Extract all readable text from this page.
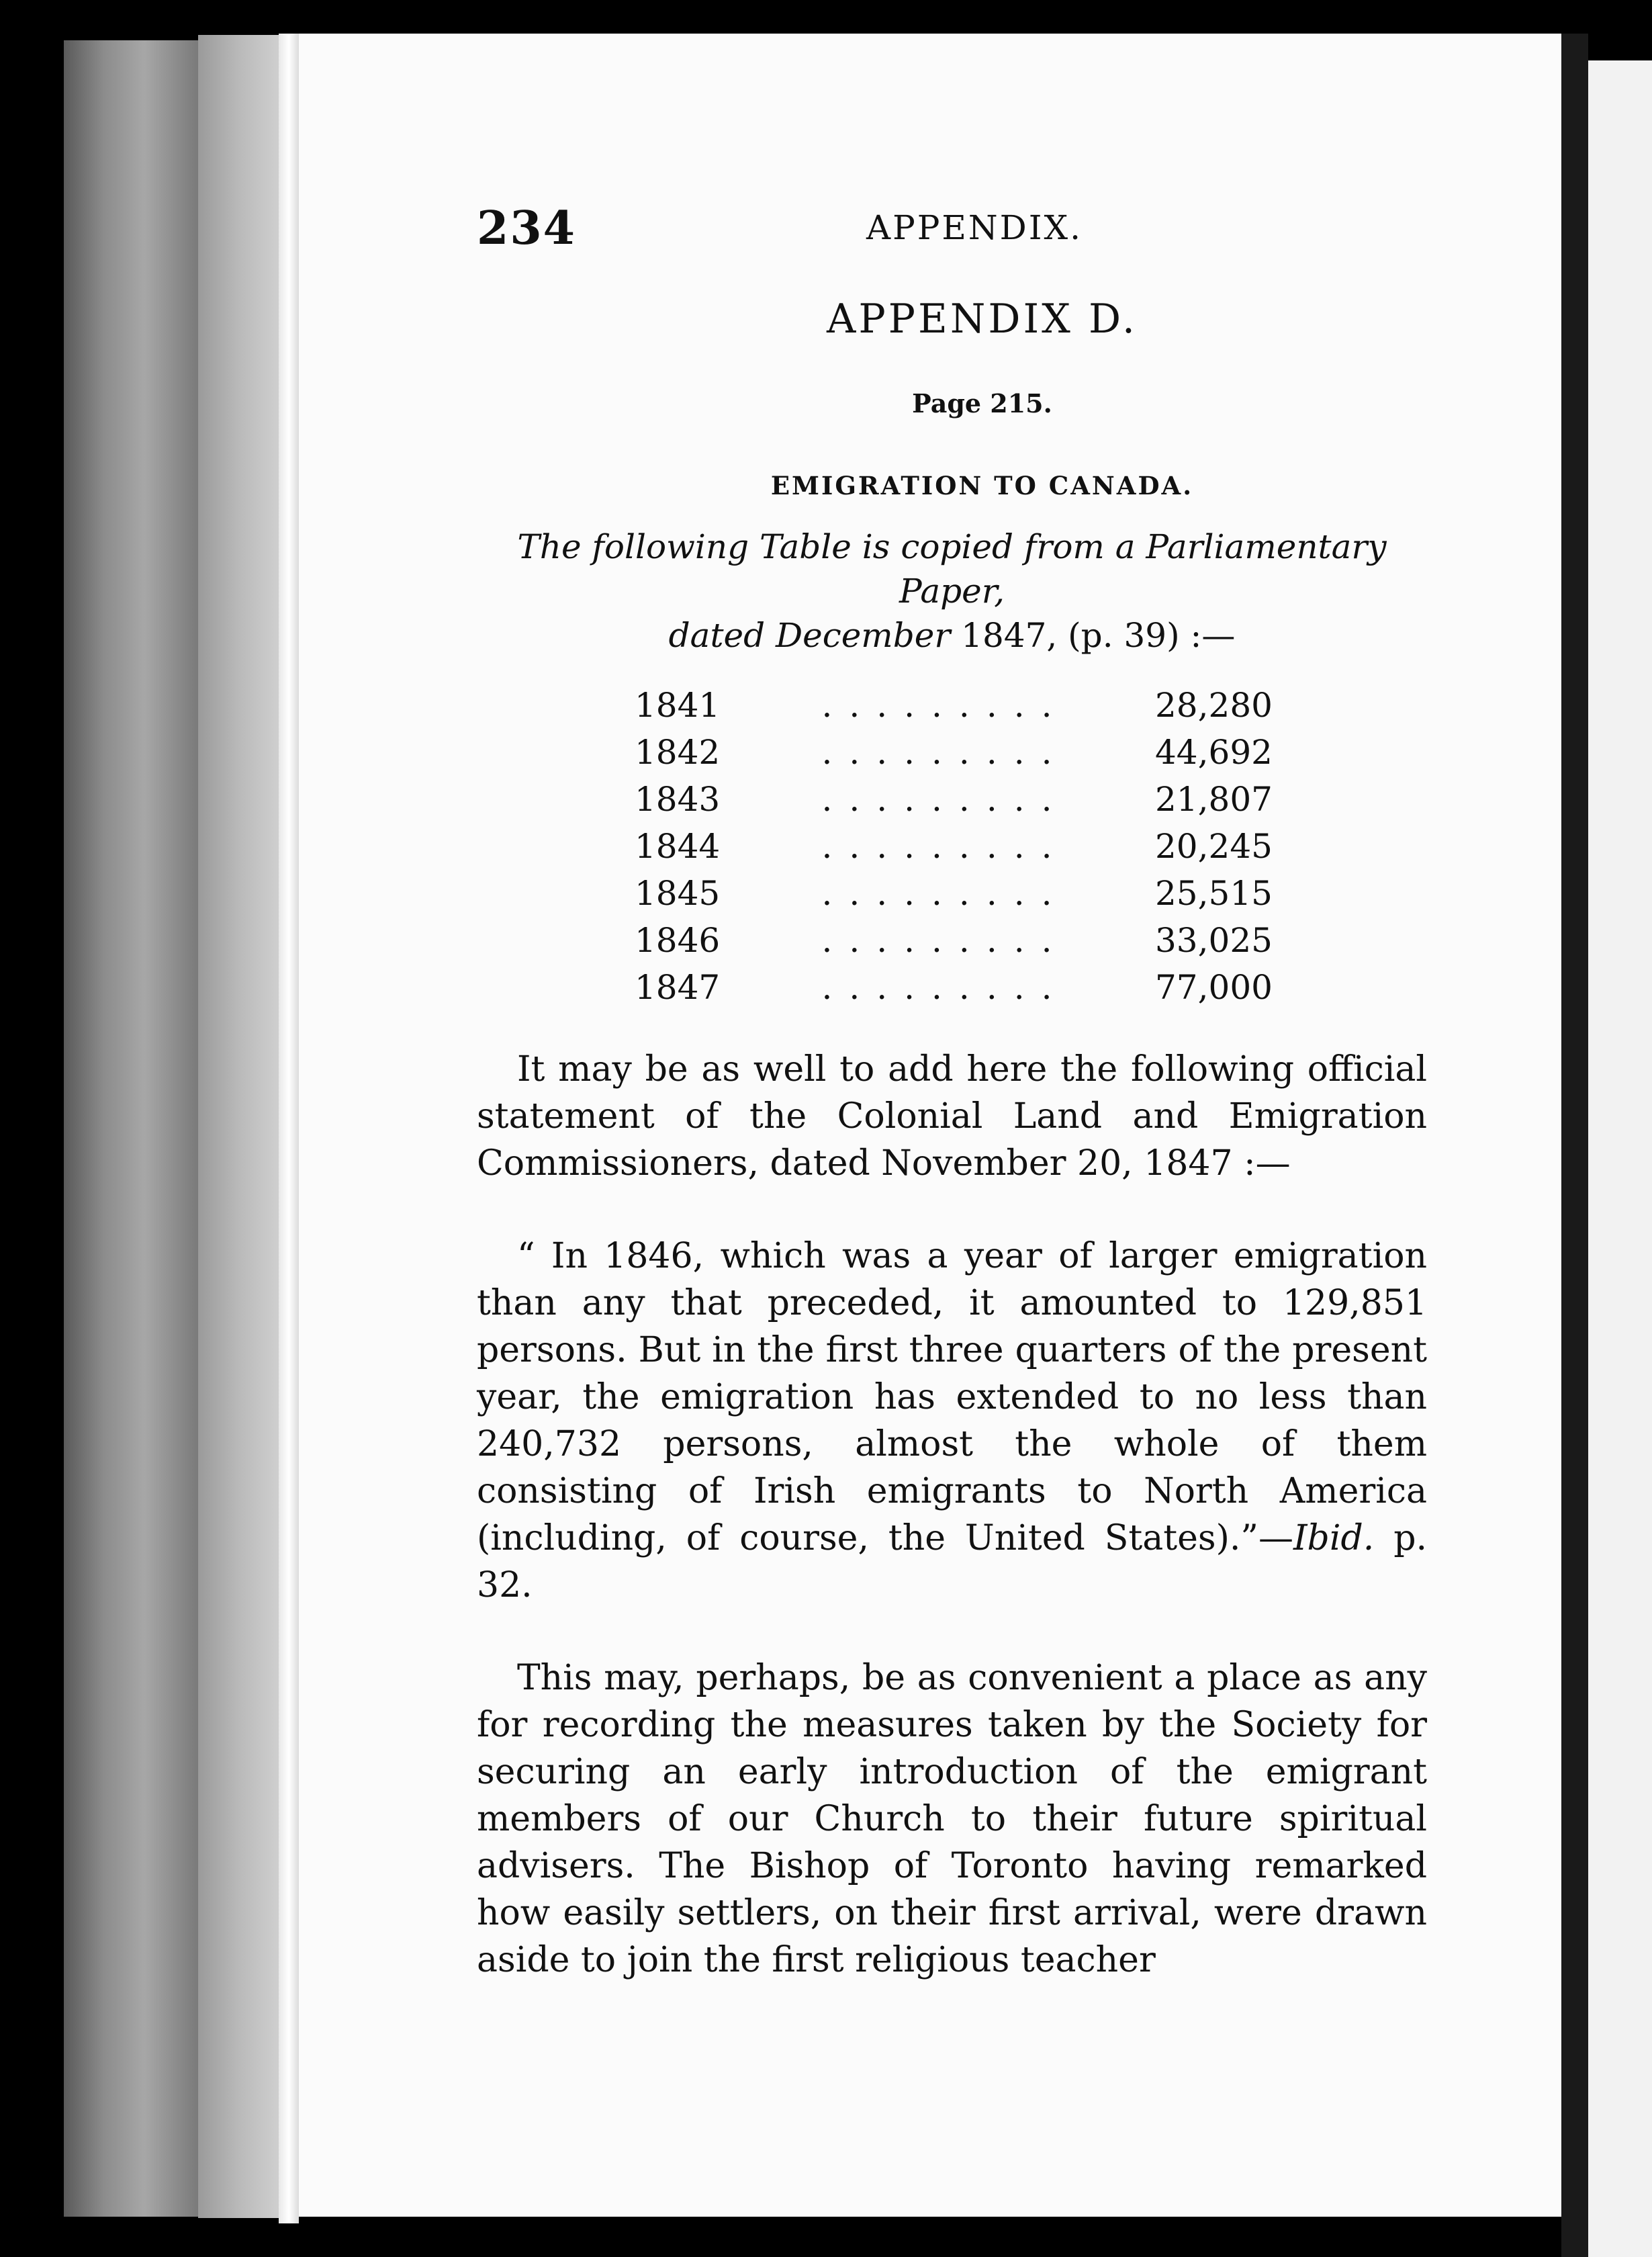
234	APPENDIX.
APPENDIX D.
Page 215.
EMIGRATION TO CANADA.
The following Table is copied from a Parliamentary Paper,
dated December 1847, (p. 39) :—
1841	.........	28,280
1842	.........	44,692
1843	.........	21,807
1844	.........	20,245
1845	.........	25,515
1846	.........	33,025
1847	.........	77,000

It may be as well to add here the following official statement of the Colonial Land and Emigration Commissioners, dated November 20, 1847 :—

“ In 1846, which was a year of larger emigration than any that preceded, it amounted to 129,851 persons. But in the first three quarters of the present year, the emigration has extended to no less than 240,732 persons, almost the whole of them consisting of Irish emigrants to North America (including, of course, the United States).”—Ibid. p. 32.

This may, perhaps, be as convenient a place as any for recording the measures taken by the Society for securing an early introduction of the emigrant members of our Church to their future spiritual advisers. The Bishop of Toronto having remarked how easily settlers, on their first arrival, were drawn aside to join the first religious teacher
